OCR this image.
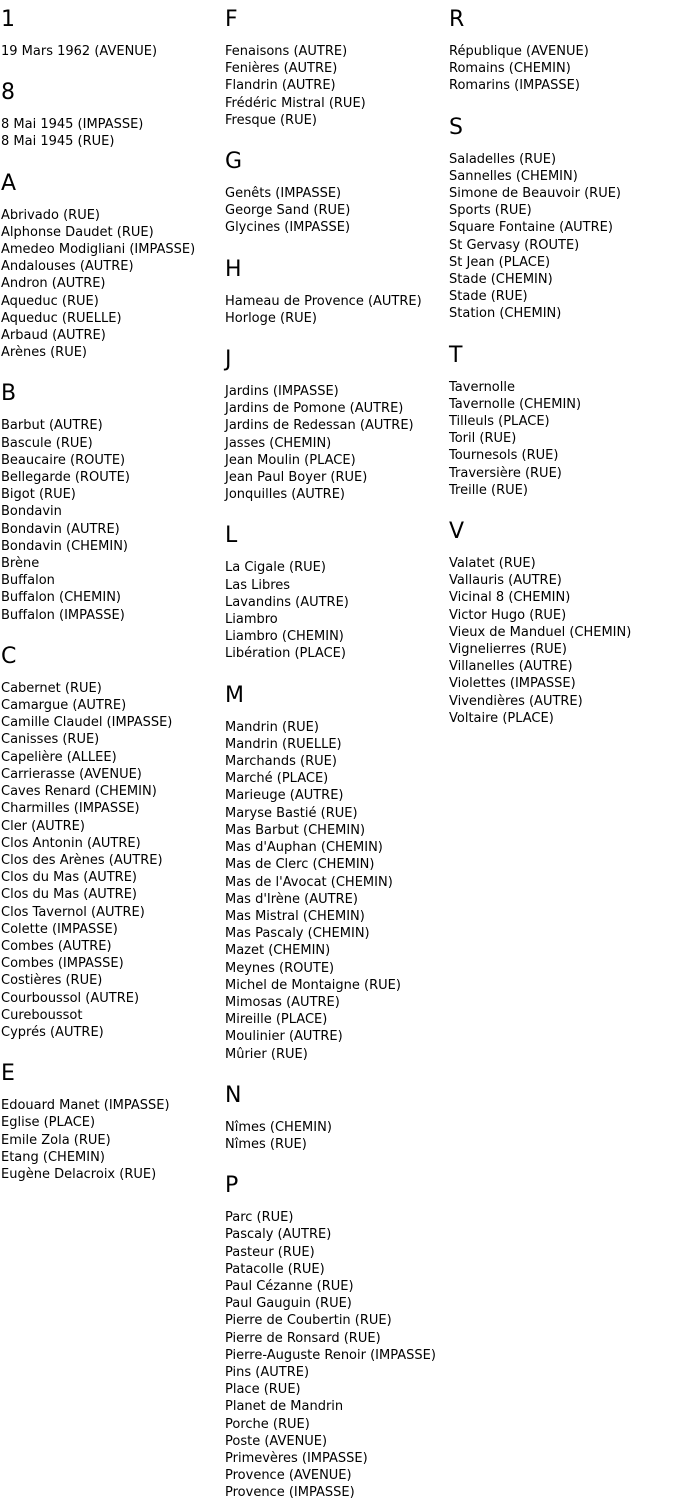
1
19 Mars 1962 (AVENUE)
8
8 Mai 1945 (IMPASSE)
8 Mai 1945 (RUE)
A
Abrivado (RUE)
Alphonse Daudet (RUE)
Amedeo Modigliani (IMPASSE)
Andalouses (AUTRE)
Andron (AUTRE)
Aqueduc (RUE)
Aqueduc (RUELLE)
Arbaud (AUTRE)
Arènes (RUE)
B
Barbut (AUTRE)
Bascule (RUE)
Beaucaire (ROUTE)
Bellegarde (ROUTE)
Bigot (RUE)
Bondavin
Bondavin (AUTRE)
Bondavin (CHEMIN)
Brène
Buffalon
Buffalon (CHEMIN)
Buffalon (IMPASSE)
C
Cabernet (RUE)
Camargue (AUTRE)
Camille Claudel (IMPASSE)
Canisses (RUE)
Capelière (ALLEE)
Carrierasse (AVENUE)
Caves Renard (CHEMIN)
Charmilles (IMPASSE)
Cler (AUTRE)
Clos Antonin (AUTRE)
Clos des Arènes (AUTRE)
Clos du Mas (AUTRE)
Clos du Mas (AUTRE)
Clos Tavernol (AUTRE)
Colette (IMPASSE)
Combes (AUTRE)
Combes (IMPASSE)
Costières (RUE)
Courboussol (AUTRE)
Cureboussot
Cyprés (AUTRE)
E
Edouard Manet (IMPASSE)
Eglise (PLACE)
Emile Zola (RUE)
Etang (CHEMIN)
Eugène Delacroix (RUE)
F
Fenaisons (AUTRE)
Fenières (AUTRE)
Flandrin (AUTRE)
Frédéric Mistral (RUE)
Fresque (RUE)
G
Genêts (IMPASSE)
George Sand (RUE)
Glycines (IMPASSE)
H
Hameau de Provence (AUTRE)
Horloge (RUE)
J
Jardins (IMPASSE)
Jardins de Pomone (AUTRE)
Jardins de Redessan (AUTRE)
Jasses (CHEMIN)
Jean Moulin (PLACE)
Jean Paul Boyer (RUE)
Jonquilles (AUTRE)
L
La Cigale (RUE)
Las Libres
Lavandins (AUTRE)
Liambro
Liambro (CHEMIN)
Libération (PLACE)
M
Mandrin (RUE)
Mandrin (RUELLE)
Marchands (RUE)
Marché (PLACE)
Marieuge (AUTRE)
Maryse Bastié (RUE)
Mas Barbut (CHEMIN)
Mas d'Auphan (CHEMIN)
Mas de Clerc (CHEMIN)
Mas de l'Avocat (CHEMIN)
Mas d'Irène (AUTRE)
Mas Mistral (CHEMIN)
Mas Pascaly (CHEMIN)
Mazet (CHEMIN)
Meynes (ROUTE)
Michel de Montaigne (RUE)
Mimosas (AUTRE)
Mireille (PLACE)
Moulinier (AUTRE)
Mûrier (RUE)
N
Nîmes (CHEMIN)
Nîmes (RUE)
P
Parc (RUE)
Pascaly (AUTRE)
Pasteur (RUE)
Patacolle (RUE)
Paul Cézanne (RUE)
Paul Gauguin (RUE)
Pierre de Coubertin (RUE)
Pierre de Ronsard (RUE)
Pierre-Auguste Renoir (IMPASSE)
Pins (AUTRE)
Place (RUE)
Planet de Mandrin
Porche (RUE)
Poste (AVENUE)
Primevères (IMPASSE)
Provence (AVENUE)
Provence (IMPASSE)
R
République (AVENUE)
Romains (CHEMIN)
Romarins (IMPASSE)
S
Saladelles (RUE)
Sannelles (CHEMIN)
Simone de Beauvoir (RUE)
Sports (RUE)
Square Fontaine (AUTRE)
St Gervasy (ROUTE)
St Jean (PLACE)
Stade (CHEMIN)
Stade (RUE)
Station (CHEMIN)
T
Tavernolle
Tavernolle (CHEMIN)
Tilleuls (PLACE)
Toril (RUE)
Tournesols (RUE)
Traversière (RUE)
Treille (RUE)
V
Valatet (RUE)
Vallauris (AUTRE)
Vicinal 8 (CHEMIN)
Victor Hugo (RUE)
Vieux de Manduel (CHEMIN)
Vignelierres (RUE)
Villanelles (AUTRE)
Violettes (IMPASSE)
Vivendières (AUTRE)
Voltaire (PLACE)
